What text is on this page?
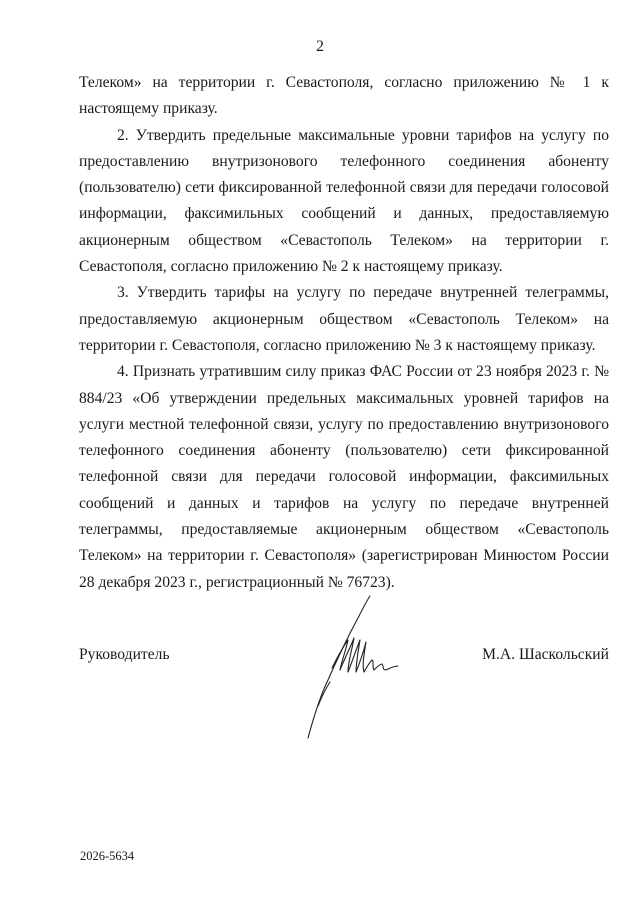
2

Телеком» на территории г. Севастополя, согласно приложению № 1 к настоящему приказу.

2. Утвердить предельные максимальные уровни тарифов на услугу по предоставлению внутризонового телефонного соединения абоненту (пользователю) сети фиксированной телефонной связи для передачи голосовой информации, факсимильных сообщений и данных, предоставляемую акционерным обществом «Севастополь Телеком» на территории г. Севастополя, согласно приложению № 2 к настоящему приказу.

3. Утвердить тарифы на услугу по передаче внутренней телеграммы, предоставляемую акционерным обществом «Севастополь Телеком» на территории г. Севастополя, согласно приложению № 3 к настоящему приказу.

4. Признать утратившим силу приказ ФАС России от 23 ноября 2023 г. № 884/23 «Об утверждении предельных максимальных уровней тарифов на услуги местной телефонной связи, услугу по предоставлению внутризонового телефонного соединения абоненту (пользователю) сети фиксированной телефонной связи для передачи голосовой информации, факсимильных сообщений и данных и тарифов на услугу по передаче внутренней телеграммы, предоставляемые акционерным обществом «Севастополь Телеком» на территории г. Севастополя» (зарегистрирован Минюстом России 28 декабря 2023 г., регистрационный № 76723).

Руководитель	М.А. Шаскольский
2026-5634
